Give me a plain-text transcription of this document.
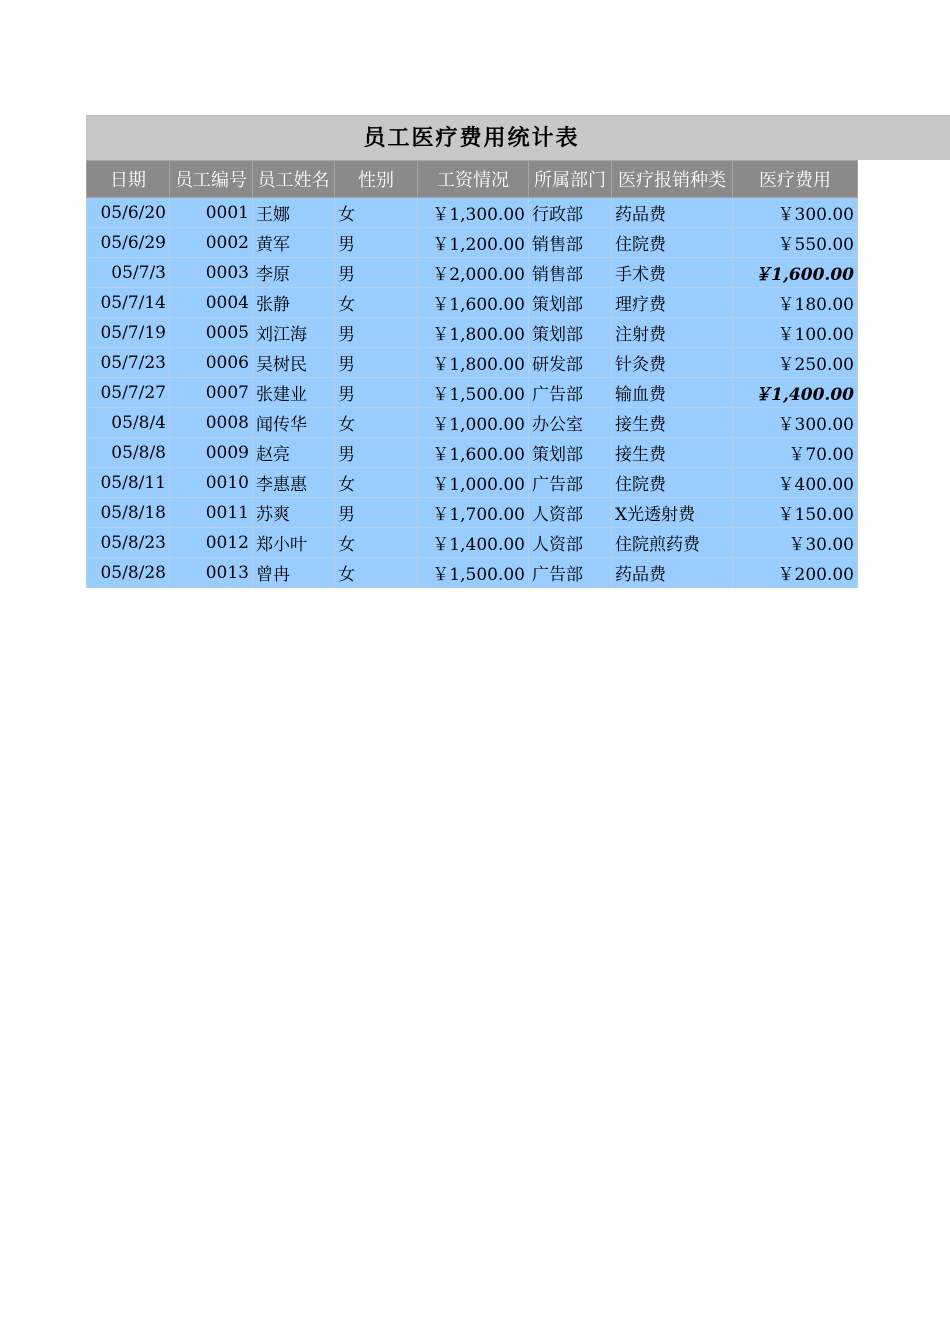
员工医疗费用统计表
日期	员工编号	员工姓名	性别	工资情况	所属部门	医疗报销种类	医疗费用
05/6/20	0001	王娜	女	￥1,300.00	行政部	药品费	￥300.00
05/6/29	0002	黄军	男	￥1,200.00	销售部	住院费	￥550.00
05/7/3	0003	李原	男	￥2,000.00	销售部	手术费	￥1,600.00
05/7/14	0004	张静	女	￥1,600.00	策划部	理疗费	￥180.00
05/7/19	0005	刘江海	男	￥1,800.00	策划部	注射费	￥100.00
05/7/23	0006	吴树民	男	￥1,800.00	研发部	针灸费	￥250.00
05/7/27	0007	张建业	男	￥1,500.00	广告部	输血费	￥1,400.00
05/8/4	0008	闻传华	女	￥1,000.00	办公室	接生费	￥300.00
05/8/8	0009	赵亮	男	￥1,600.00	策划部	接生费	￥70.00
05/8/11	0010	李惠惠	女	￥1,000.00	广告部	住院费	￥400.00
05/8/18	0011	苏爽	男	￥1,700.00	人资部	X光透射费	￥150.00
05/8/23	0012	郑小叶	女	￥1,400.00	人资部	住院煎药费	￥30.00
05/8/28	0013	曾冉	女	￥1,500.00	广告部	药品费	￥200.00
